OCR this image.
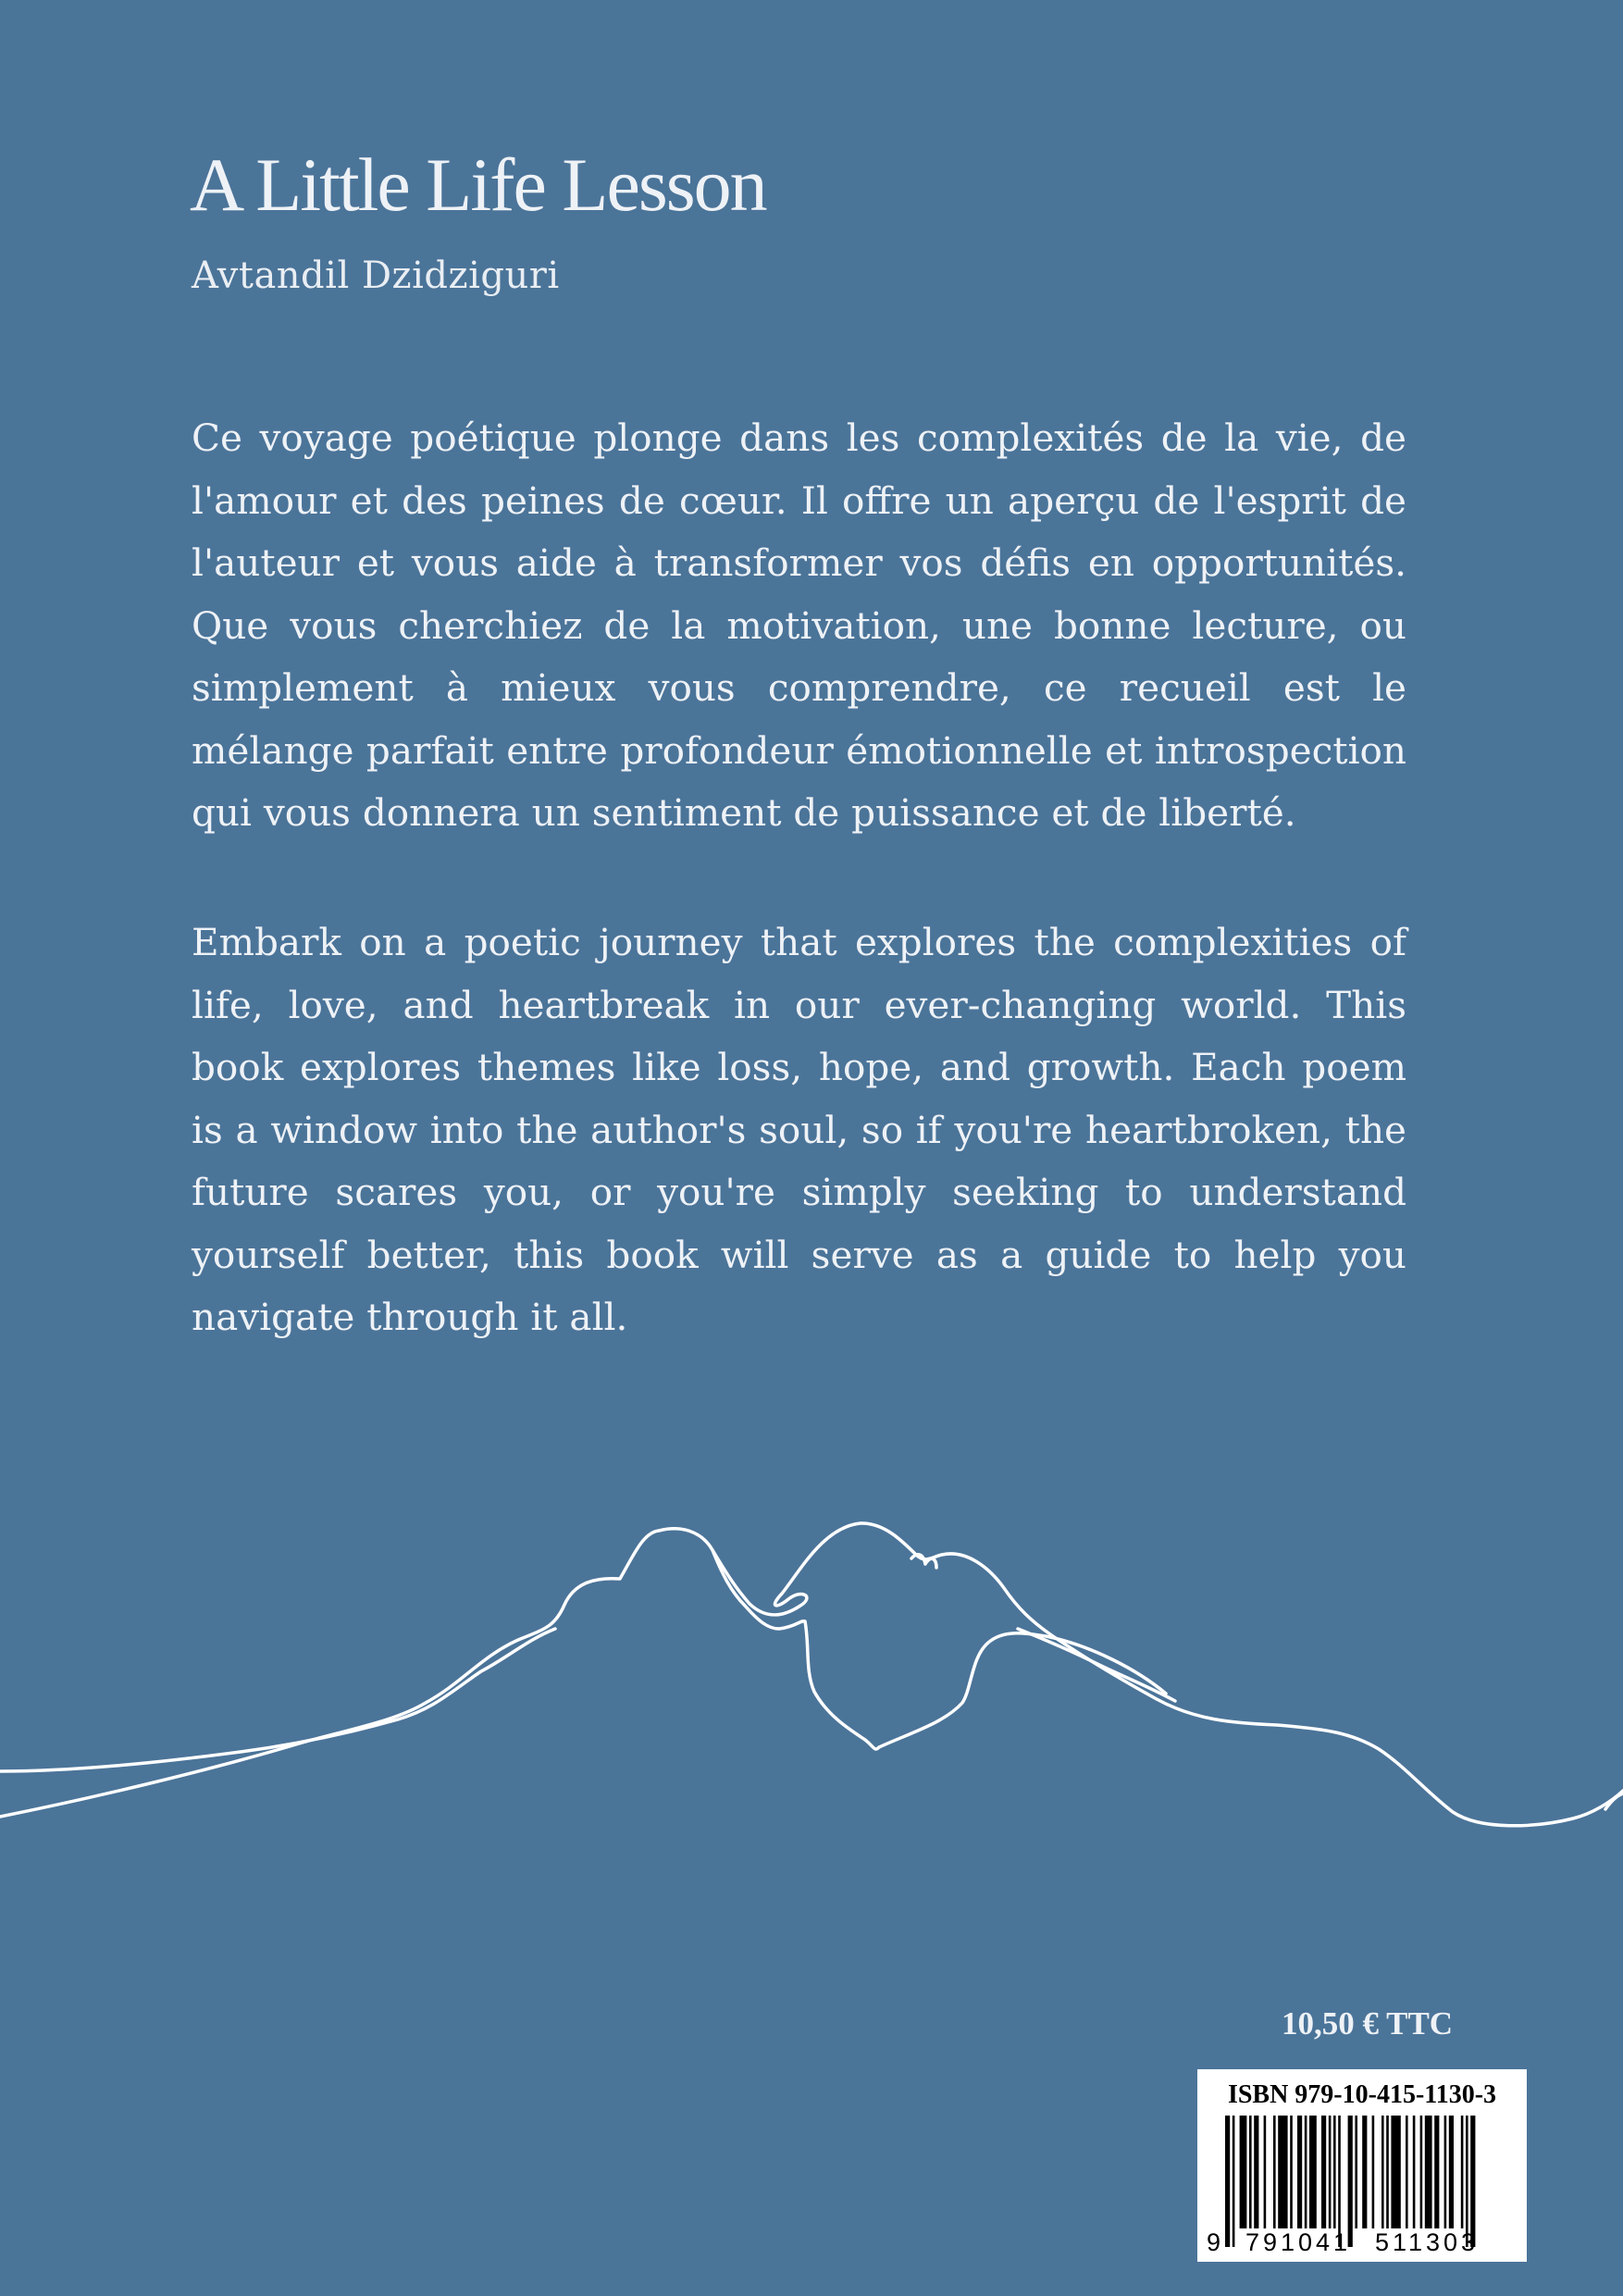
A Little Life Lesson
Avtandil Dzidziguri

Ce voyage poétique plonge dans les complexités de la vie, de l'amour et des peines de cœur. Il offre un aperçu de l'esprit de l'auteur et vous aide à transformer vos défis en opportunités. Que vous cherchiez de la motivation, une bonne lecture, ou simplement à mieux vous comprendre, ce recueil est le mélange parfait entre profondeur émotionnelle et introspection qui vous donnera un sentiment de puissance et de liberté.

Embark on a poetic journey that explores the complexities of life, love, and heartbreak in our ever-changing world. This book explores themes like loss, hope, and growth. Each poem is a window into the author's soul, so if you're heartbroken, the future scares you, or you're simply seeking to understand yourself better, this book will serve as a guide to help you navigate through it all.

10,50 € TTC
ISBN 979-10-415-1130-3
9 791041 511303
